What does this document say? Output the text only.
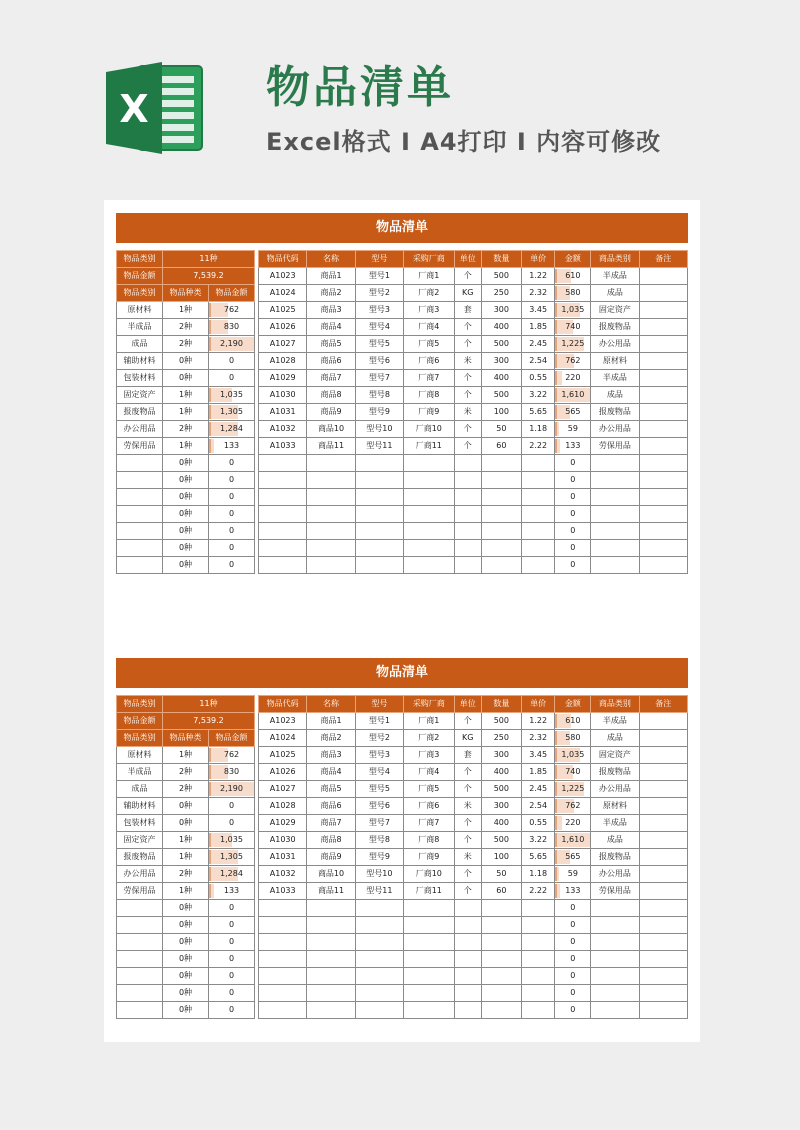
X	物品清单
Excel格式 I A4打印 I 内容可修改
物品清单
物品类别	11种	
物品金额	7,539.2	
物品类别	物品种类	物品金额
原材料	1种	762
半成品	2种	830
成品	2种	2,190
辅助材料	0种	0
包装材料	0种	0
固定资产	1种	1,035
报废物品	1种	1,305
办公用品	2种	1,284
劳保用品	1种	133
	0种	0
	0种	0
	0种	0
	0种	0
	0种	0
	0种	0
	0种	0
物品代码	名称	型号	采购厂商	单位	数量	单价	金额	商品类别	备注
A1023	商品1	型号1	厂商1	个	500	1.22	610	半成品	
A1024	商品2	型号2	厂商2	KG	250	2.32	580	成品	
A1025	商品3	型号3	厂商3	套	300	3.45	1,035	固定资产	
A1026	商品4	型号4	厂商4	个	400	1.85	740	报废物品	
A1027	商品5	型号5	厂商5	个	500	2.45	1,225	办公用品	
A1028	商品6	型号6	厂商6	米	300	2.54	762	原材料	
A1029	商品7	型号7	厂商7	个	400	0.55	220	半成品	
A1030	商品8	型号8	厂商8	个	500	3.22	1,610	成品	
A1031	商品9	型号9	厂商9	米	100	5.65	565	报废物品	
A1032	商品10	型号10	厂商10	个	50	1.18	59	办公用品	
A1033	商品11	型号11	厂商11	个	60	2.22	133	劳保用品	
							0		
							0		
							0		
							0		
							0		
							0		
							0		
物品清单
物品类别	11种	
物品金额	7,539.2	
物品类别	物品种类	物品金额
原材料	1种	762
半成品	2种	830
成品	2种	2,190
辅助材料	0种	0
包装材料	0种	0
固定资产	1种	1,035
报废物品	1种	1,305
办公用品	2种	1,284
劳保用品	1种	133
	0种	0
	0种	0
	0种	0
	0种	0
	0种	0
	0种	0
	0种	0
物品代码	名称	型号	采购厂商	单位	数量	单价	金额	商品类别	备注
A1023	商品1	型号1	厂商1	个	500	1.22	610	半成品	
A1024	商品2	型号2	厂商2	KG	250	2.32	580	成品	
A1025	商品3	型号3	厂商3	套	300	3.45	1,035	固定资产	
A1026	商品4	型号4	厂商4	个	400	1.85	740	报废物品	
A1027	商品5	型号5	厂商5	个	500	2.45	1,225	办公用品	
A1028	商品6	型号6	厂商6	米	300	2.54	762	原材料	
A1029	商品7	型号7	厂商7	个	400	0.55	220	半成品	
A1030	商品8	型号8	厂商8	个	500	3.22	1,610	成品	
A1031	商品9	型号9	厂商9	米	100	5.65	565	报废物品	
A1032	商品10	型号10	厂商10	个	50	1.18	59	办公用品	
A1033	商品11	型号11	厂商11	个	60	2.22	133	劳保用品	
							0		
							0		
							0		
							0		
							0		
							0		
							0		
